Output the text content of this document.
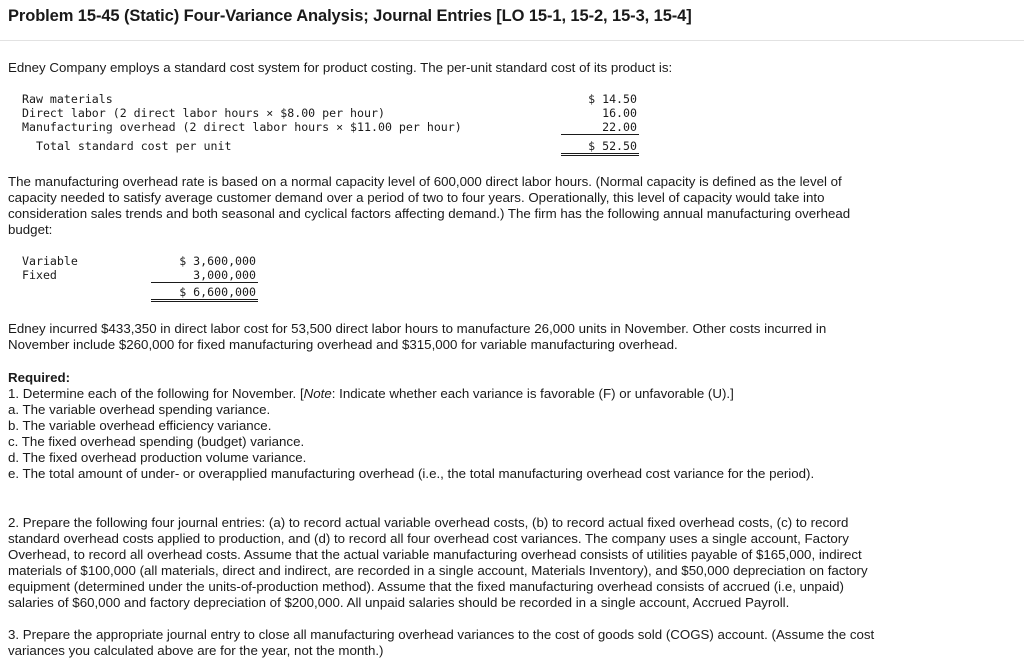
Problem 15-45 (Static) Four-Variance Analysis; Journal Entries [LO 15-1, 15-2, 15-3, 15-4]

Edney Company employs a standard cost system for product costing. The per-unit standard cost of its product is:

Raw materials	$ 14.50
Direct labor (2 direct labor hours × $8.00 per hour)	16.00
Manufacturing overhead (2 direct labor hours × $11.00 per hour)	22.00
Total standard cost per unit	$ 52.50

The manufacturing overhead rate is based on a normal capacity level of 600,000 direct labor hours. (Normal capacity is defined as the level of capacity needed to satisfy average customer demand over a period of two to four years. Operationally, this level of capacity would take into consideration sales trends and both seasonal and cyclical factors affecting demand.) The firm has the following annual manufacturing overhead budget:

Variable	$ 3,600,000
Fixed	3,000,000
$ 6,600,000

Edney incurred $433,350 in direct labor cost for 53,500 direct labor hours to manufacture 26,000 units in November. Other costs incurred in November include $260,000 for fixed manufacturing overhead and $315,000 for variable manufacturing overhead.

Required:

1. Determine each of the following for November. [Note: Indicate whether each variance is favorable (F) or unfavorable (U).]

a. The variable overhead spending variance.

b. The variable overhead efficiency variance.

c. The fixed overhead spending (budget) variance.

d. The fixed overhead production volume variance.

e. The total amount of under- or overapplied manufacturing overhead (i.e., the total manufacturing overhead cost variance for the period).

2. Prepare the following four journal entries: (a) to record actual variable overhead costs, (b) to record actual fixed overhead costs, (c) to record standard overhead costs applied to production, and (d) to record all four overhead cost variances. The company uses a single account, Factory Overhead, to record all overhead costs. Assume that the actual variable manufacturing overhead consists of utilities payable of $165,000, indirect materials of $100,000 (all materials, direct and indirect, are recorded in a single account, Materials Inventory), and $50,000 depreciation on factory equipment (determined under the units-of-production method). Assume that the fixed manufacturing overhead consists of accrued (i.e, unpaid) salaries of $60,000 and factory depreciation of $200,000. All unpaid salaries should be recorded in a single account, Accrued Payroll.

3. Prepare the appropriate journal entry to close all manufacturing overhead variances to the cost of goods sold (COGS) account. (Assume the cost variances you calculated above are for the year, not the month.)
